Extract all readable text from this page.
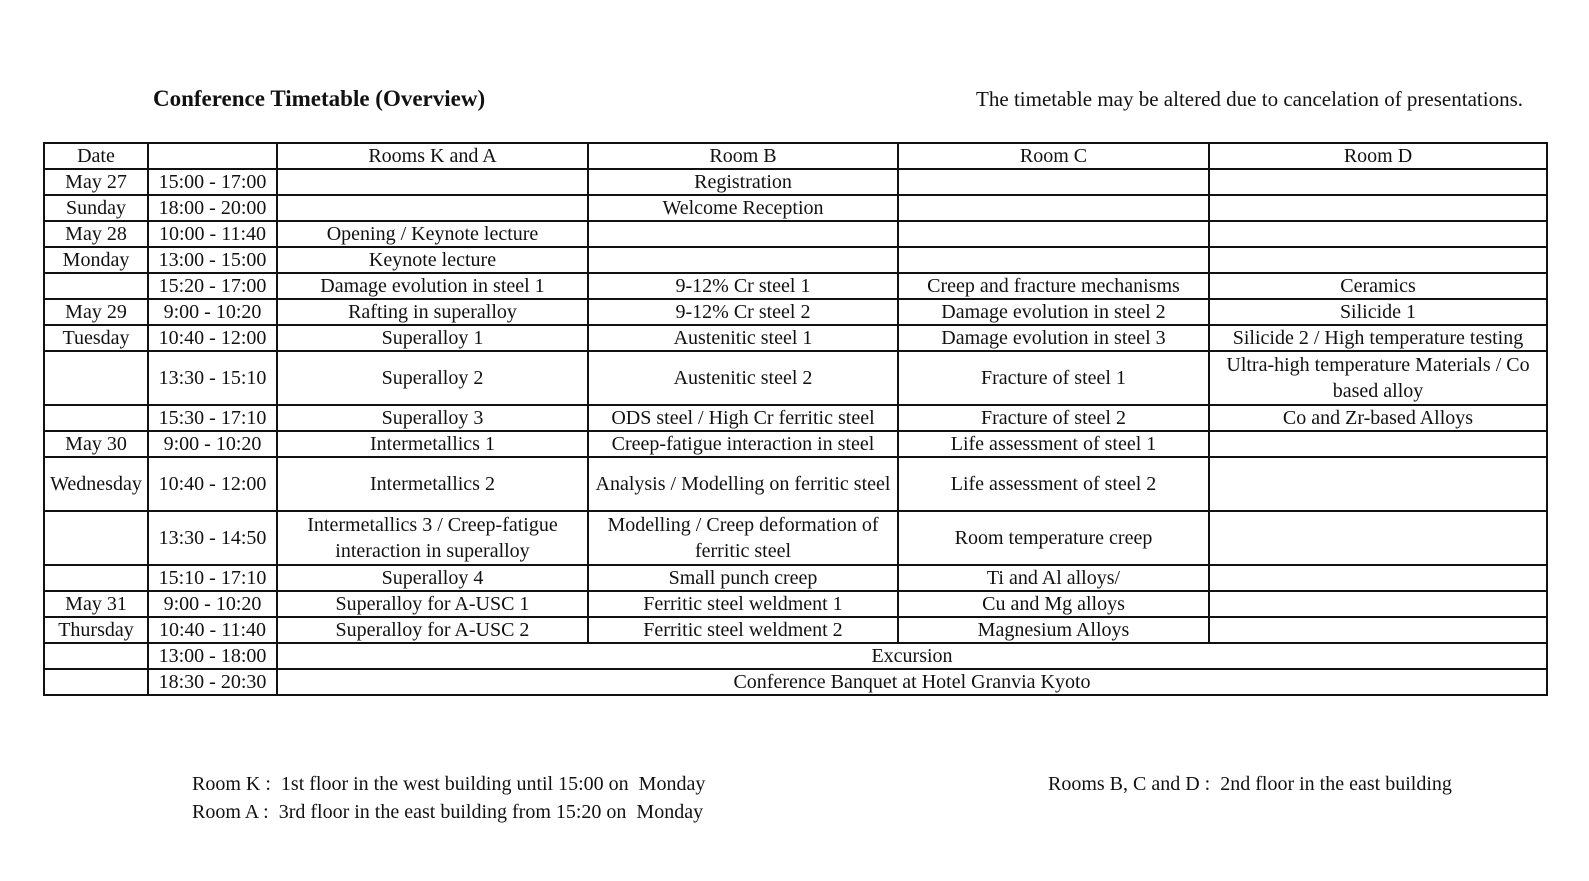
Conference Timetable (Overview)	The timetable may be altered due to cancelation of presentations.
Date		Rooms K and A	Room B	Room C	Room D
May 27	15:00 - 17:00		Registration		
Sunday	18:00 - 20:00		Welcome Reception		
May 28	10:00 - 11:40	Opening / Keynote lecture			
Monday	13:00 - 15:00	Keynote lecture			
	15:20 - 17:00	Damage evolution in steel 1	9-12% Cr steel 1	Creep and fracture mechanisms	Ceramics
May 29	9:00 - 10:20	Rafting in superalloy	9-12% Cr steel 2	Damage evolution in steel 2	Silicide 1
Tuesday	10:40 - 12:00	Superalloy 1	Austenitic steel 1	Damage evolution in steel 3	Silicide 2 / High temperature testing
	13:30 - 15:10	Superalloy 2	Austenitic steel 2	Fracture of steel 1	Ultra-high temperature Materials / Co based alloy
	15:30 - 17:10	Superalloy 3	ODS steel / High Cr ferritic steel	Fracture of steel 2	Co and Zr-based Alloys
May 30	9:00 - 10:20	Intermetallics 1	Creep-fatigue interaction in steel	Life assessment of steel 1	
Wednesday	10:40 - 12:00	Intermetallics 2	Analysis / Modelling on ferritic steel	Life assessment of steel 2	
	13:30 - 14:50	Intermetallics 3 / Creep-fatigue interaction in superalloy	Modelling / Creep deformation of ferritic steel	Room temperature creep	
	15:10 - 17:10	Superalloy 4	Small punch creep	Ti and Al alloys/	
May 31	9:00 - 10:20	Superalloy for A-USC 1	Ferritic steel weldment 1	Cu and Mg alloys	
Thursday	10:40 - 11:40	Superalloy for A-USC 2	Ferritic steel weldment 2	Magnesium Alloys	
	13:00 - 18:00	Excursion			
	18:30 - 20:30	Conference Banquet at Hotel Granvia Kyoto			
Room K : 1st floor in the west building until 15:00 on  Monday
Room A : 3rd floor in the east building from 15:20 on  Monday
Rooms B, C and D : 2nd floor in the east building
